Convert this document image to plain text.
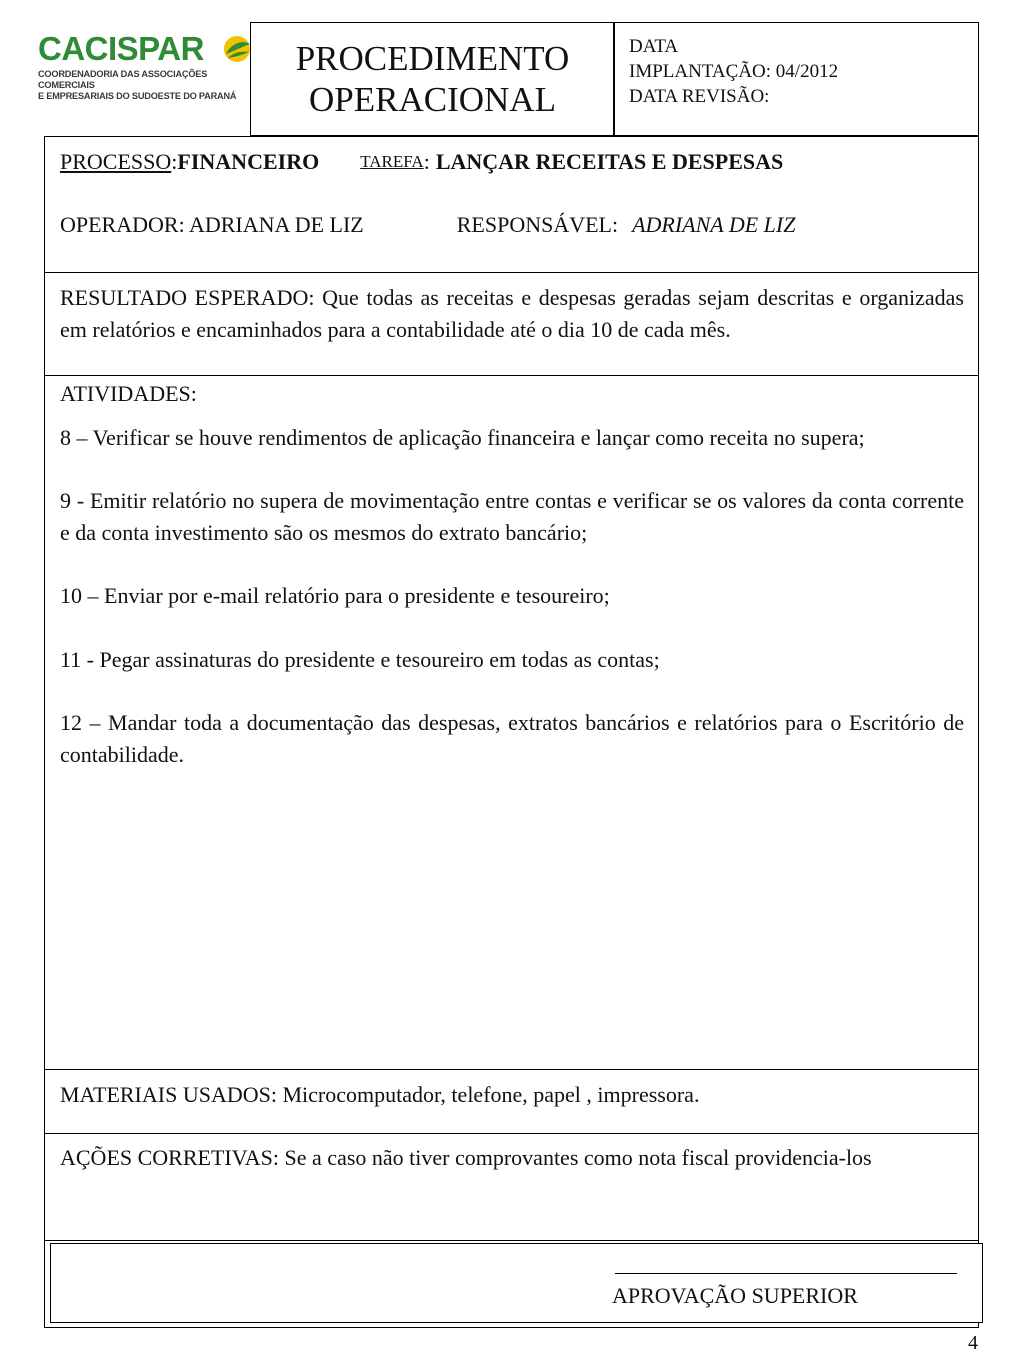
CACISPAR
COORDENADORIA DAS ASSOCIAÇÕES COMERCIAIS
E EMPRESARIAIS DO SUDOESTE DO PARANÁ
PROCEDIMENTO
OPERACIONAL
DATA
IMPLANTAÇÃO: 04/2012
DATA REVISÃO:
PROCESSO : FINANCEIRO TAREFA : LANÇAR RECEITAS E DESPESAS
OPERADOR: ADRIANA DE LIZ	RESPONSÁVEL: ADRIANA DE LIZ

RESULTADO ESPERADO: Que todas as receitas e despesas geradas sejam descritas e organizadas em relatórios e encaminhados para a contabilidade até o dia 10 de cada mês.

ATIVIDADES:

8 – Verificar se houve rendimentos de aplicação financeira e lançar como receita no supera;

9 - Emitir relatório no supera de movimentação entre contas e verificar se os valores da conta corrente e da conta investimento são os mesmos do extrato bancário;

10 – Enviar por e-mail relatório para o presidente e tesoureiro;

11 - Pegar assinaturas do presidente e tesoureiro em todas as contas;

12 – Mandar toda a documentação das despesas, extratos bancários e relatórios para o Escritório de contabilidade.

MATERIAIS USADOS: Microcomputador, telefone, papel , impressora.

AÇÕES CORRETIVAS: Se a caso não tiver comprovantes como nota fiscal providencia-los

APROVAÇÃO SUPERIOR
4
